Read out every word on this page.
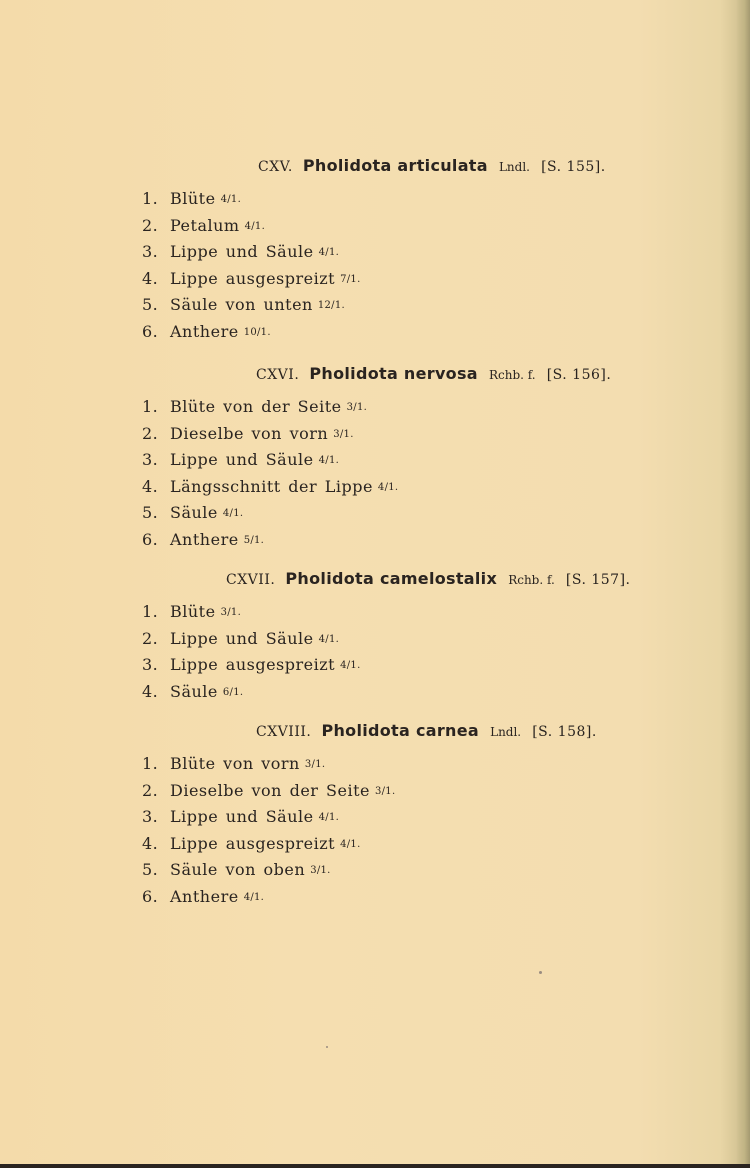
CXV. Pholidota articulata Lndl. [S. 155].
1. Blüte 4/1.
2. Petalum 4/1.
3. Lippe und Säule 4/1.
4. Lippe ausgespreizt 7/1.
5. Säule von unten 12/1.
6. Anthere 10/1.
CXVI. Pholidota nervosa Rchb. f. [S. 156].
1. Blüte von der Seite 3/1.
2. Dieselbe von vorn 3/1.
3. Lippe und Säule 4/1.
4. Längsschnitt der Lippe 4/1.
5. Säule 4/1.
6. Anthere 5/1.
CXVII. Pholidota camelostalix Rchb. f. [S. 157].
1. Blüte 3/1.
2. Lippe und Säule 4/1.
3. Lippe ausgespreizt 4/1.
4. Säule 6/1.
CXVIII. Pholidota carnea Lndl. [S. 158].
1. Blüte von vorn 3/1.
2. Dieselbe von der Seite 3/1.
3. Lippe und Säule 4/1.
4. Lippe ausgespreizt 4/1.
5. Säule von oben 3/1.
6. Anthere 4/1.
